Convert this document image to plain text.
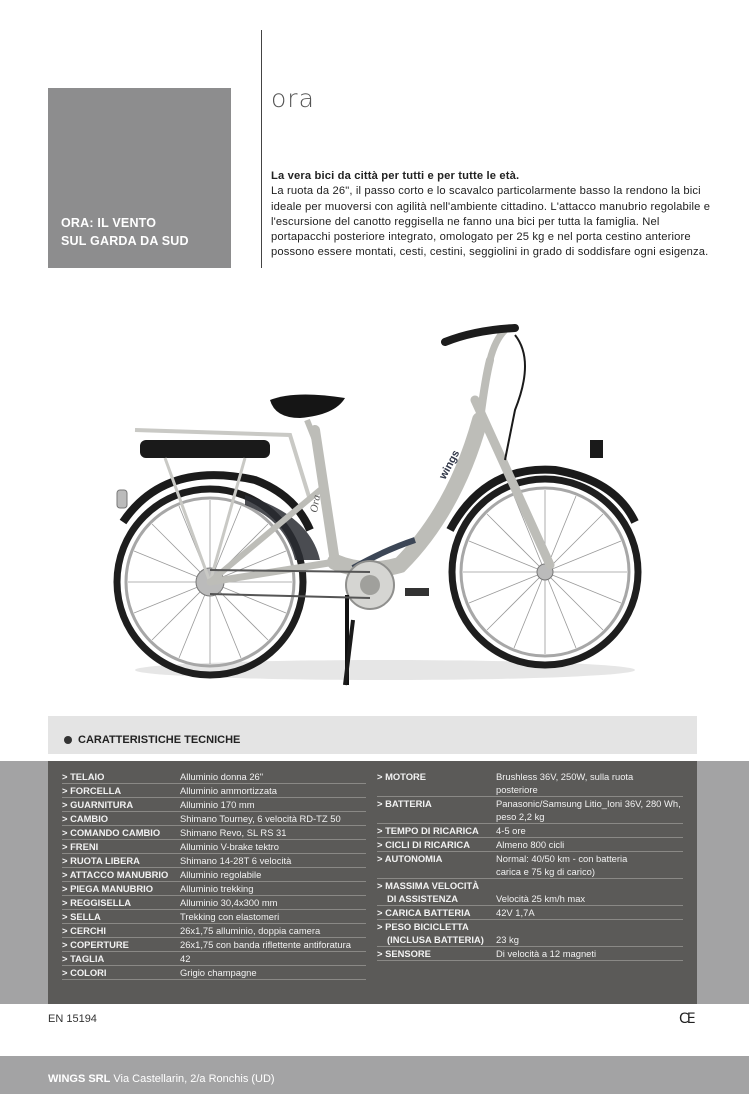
ORA: IL VENTO
SUL GARDA DA SUD
ora
La vera bici da città per tutti e per tutte le età.
La ruota da 26", il passo corto e lo scavalco particolarmente basso la rendono la bici ideale per muoversi con agilità nell'ambiente cittadino. L'attacco manubrio regolabile e l'escursione del canotto reggisella ne fanno una bici per tutta la famiglia. Nel portapacchi posteriore integrato, omologato per 25 kg e nel porta cestino anteriore possono essere montati, cesti, cestini, seggiolini in grado di soddisfare ogni esigenza.
wings
Ora
CARATTERISTICHE TECNICHE
> TELAIO	Alluminio donna 26"
> FORCELLA	Alluminio ammortizzata
> GUARNITURA	Alluminio 170 mm
> CAMBIO	Shimano Tourney, 6 velocità RD-TZ 50
> COMANDO CAMBIO	Shimano Revo, SL RS 31
> FRENI	Alluminio V-brake tektro
> RUOTA LIBERA	Shimano 14-28T 6 velocità
> ATTACCO MANUBRIO	Alluminio regolabile
> PIEGA MANUBRIO	Alluminio trekking
> REGGISELLA	Alluminio 30,4x300 mm
> SELLA	Trekking con elastomeri
> CERCHI	26x1,75 alluminio, doppia camera
> COPERTURE	26x1,75 con banda riflettente antiforatura
> TAGLIA	42
> COLORI	Grigio champagne
> MOTORE	Brushless 36V, 250W, sulla ruota
posteriore
> BATTERIA	Panasonic/Samsung Litio_Ioni 36V, 280 Wh,
peso 2,2 kg
> TEMPO DI RICARICA	4-5 ore
> CICLI DI RICARICA	Almeno 800 cicli
> AUTONOMIA	Normal: 40/50 km - con batteria
carica e 75 kg di carico)
> MASSIMA VELOCITÀ
DI ASSISTENZA
	Velocità 25 km/h max
> CARICA BATTERIA	42V 1,7A
> PESO BICICLETTA
(INCLUSA BATTERIA)
	23 kg
> SENSORE	Di velocità a 12 magneti
EN 15194	CE
WINGS SRL Via Castellarin, 2/a Ronchis (UD)
